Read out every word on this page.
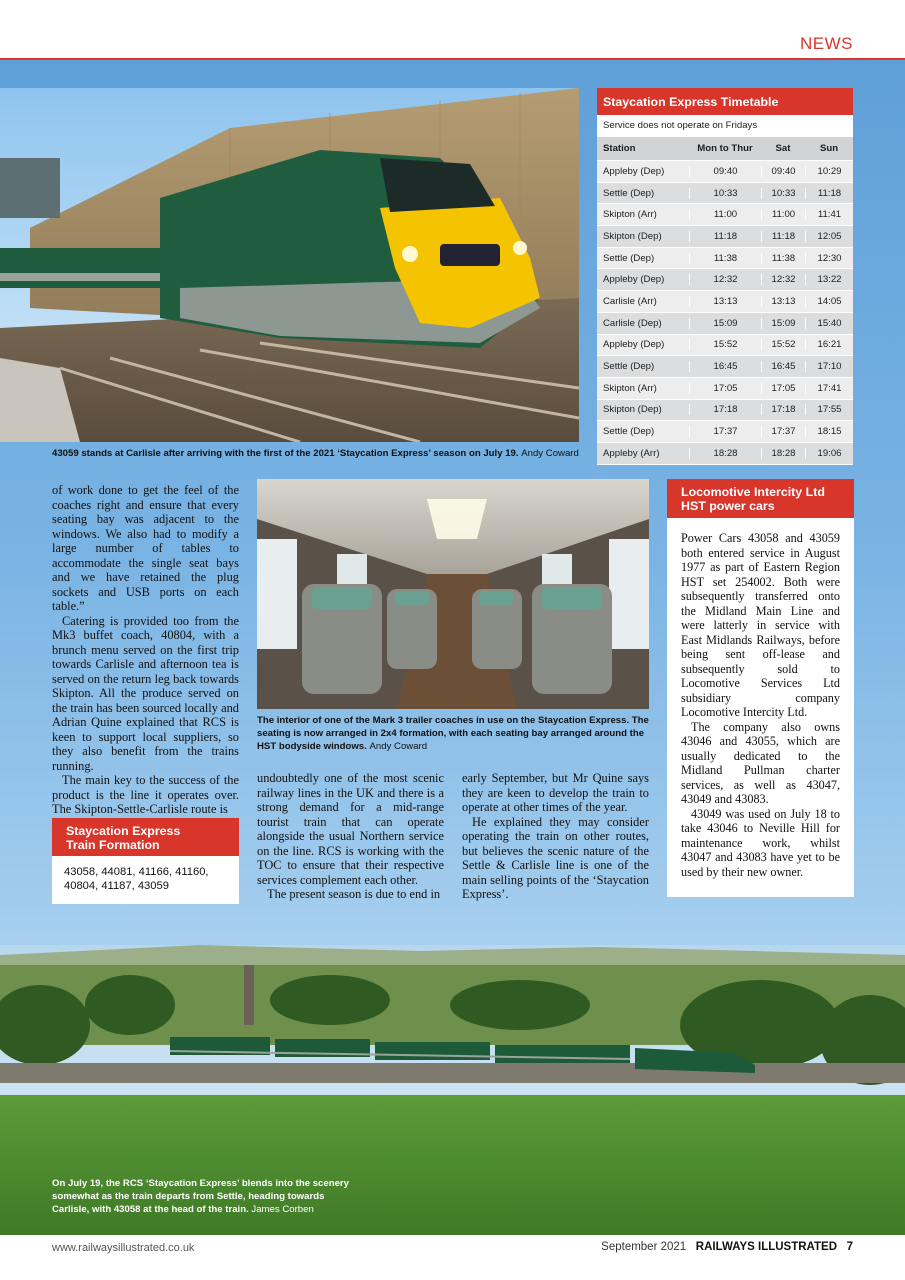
NEWS
43059 stands at Carlisle after arriving with the first of the 2021 ‘Staycation Express’ season on July 19. Andy Coward
Staycation Express Timetable
Service does not operate on Fridays
Station	Mon to Thur	Sat	Sun
Appleby (Dep)	09:40	09:40	10:29
Settle (Dep)	10:33	10:33	11:18
Skipton (Arr)	11:00	11:00	11:41
Skipton (Dep)	11:18	11:18	12:05
Settle (Dep)	11:38	11:38	12:30
Appleby (Dep)	12:32	12:32	13:22
Carlisle (Arr)	13:13	13:13	14:05
Carlisle (Dep)	15:09	15:09	15:40
Appleby (Dep)	15:52	15:52	16:21
Settle (Dep)	16:45	16:45	17:10
Skipton (Arr)	17:05	17:05	17:41
Skipton (Dep)	17:18	17:18	17:55
Settle (Dep)	17:37	17:37	18:15
Appleby (Arr)	18:28	18:28	19:06

of work done to get the feel of the coaches right and ensure that every seating bay was adjacent to the windows. We also had to modify a large number of tables to accommodate the single seat bays and we have retained the plug sockets and USB ports on each table.”

Catering is provided too from the Mk3 buffet coach, 40804, with a brunch menu served on the first trip towards Carlisle and afternoon tea is served on the return leg back towards Skipton. All the produce served on the train has been sourced locally and Adrian Quine explained that RCS is keen to support local suppliers, so they also benefit from the trains running.

The main key to the success of the product is the line it operates over. The Skipton-Settle-Carlisle route is

The interior of one of the Mark 3 trailer coaches in use on the Staycation Express. The seating is now arranged in 2x4 formation, with each seating bay arranged around the HST bodyside windows. Andy Coward

undoubtedly one of the most scenic railway lines in the UK and there is a strong demand for a mid-range tourist train that can operate alongside the usual Northern service on the line. RCS is working with the TOC to ensure that their respective services complement each other.

The present season is due to end in

early September, but Mr Quine says they are keen to develop the train to operate at other times of the year.

He explained they may consider operating the train on other routes, but believes the scenic nature of the Settle & Carlisle line is one of the main selling points of the ‘Staycation Express’.

Locomotive Intercity Ltd
HST power cars

Power Cars 43058 and 43059 both entered service in August 1977 as part of Eastern Region HST set 254002. Both were subsequently transferred onto the Midland Main Line and were latterly in service with East Midlands Railways, before being sent off-lease and subsequently sold to Locomotive Services Ltd subsidiary company Locomotive Intercity Ltd.

The company also owns 43046 and 43055, which are usually dedicated to the Midland Pullman charter services, as well as 43047, 43049 and 43083.

43049 was used on July 18 to take 43046 to Neville Hill for maintenance work, whilst 43047 and 43083 have yet to be used by their new owner.

Staycation Express
Train Formation
43058, 44081, 41166, 41160, 40804, 41187, 43059
On July 19, the RCS ‘Staycation Express’ blends into the scenery somewhat as the train departs from Settle, heading towards Carlisle, with 43058 at the head of the train. James Corben
www.railwaysillustrated.co.uk	September 2021 RAILWAYS ILLUSTRATED 7
